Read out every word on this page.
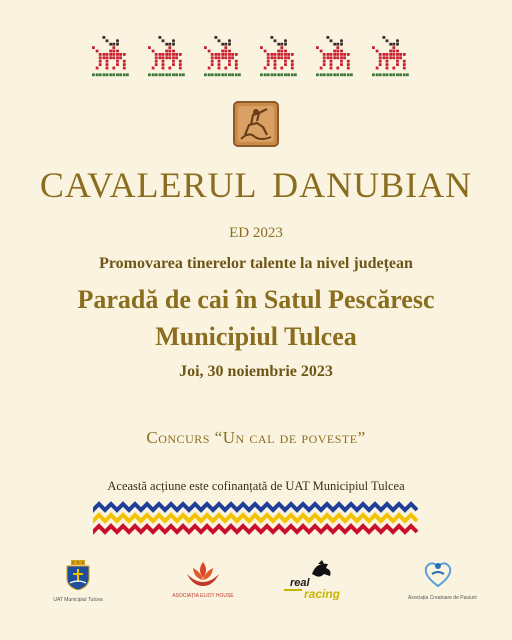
CAVALERUL DANUBIAN
ED 2023
Promovarea tinerelor talente la nivel județean
Paradă de cai în Satul Pescăresc
Municipiul Tulcea
Joi, 30 noiembrie 2023
Concurs “Un cal de poveste”
Această acțiune este cofinanțată de UAT Municipiul Tulcea
UAT Municipiul Tulcea
ASOCIAȚIA ELIOT HOUSE
real
racing	Asociația Creatoare de Pasiuni
